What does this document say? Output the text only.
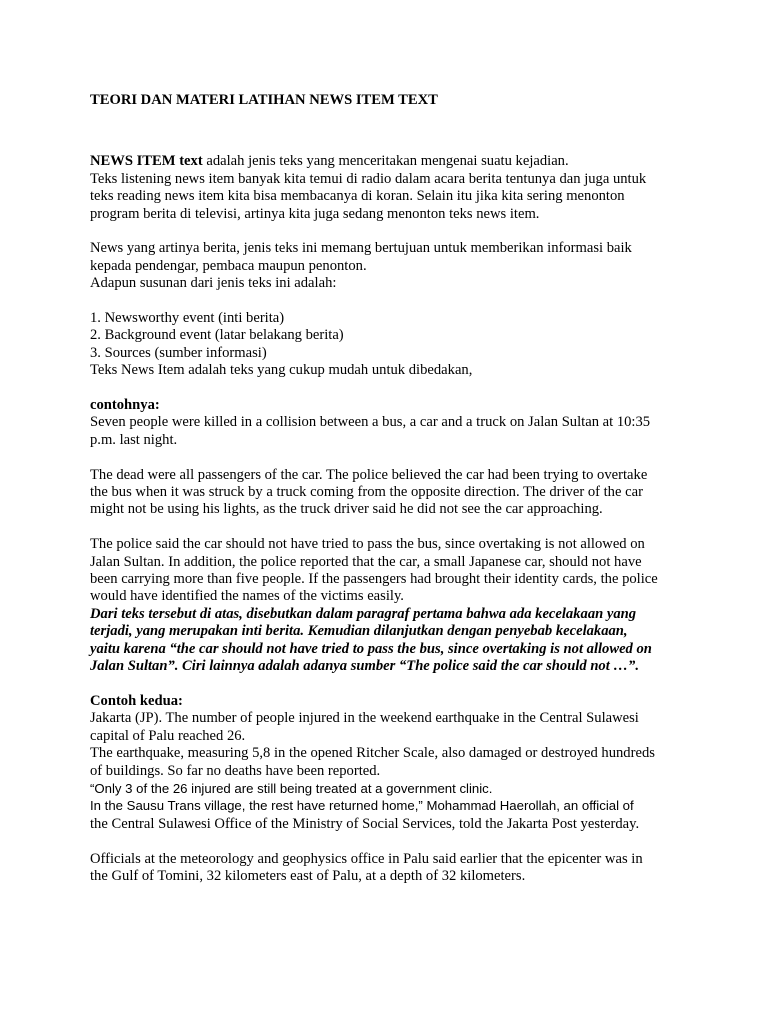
TEORI DAN MATERI LATIHAN NEWS ITEM TEXT
NEWS ITEM text adalah jenis teks yang menceritakan mengenai suatu kejadian.
Teks listening news item banyak kita temui di radio dalam acara berita tentunya dan juga untuk
teks reading news item kita bisa membacanya di koran. Selain itu jika kita sering menonton
program berita di televisi, artinya kita juga sedang menonton teks news item.
News yang artinya berita, jenis teks ini memang bertujuan untuk memberikan informasi baik
kepada pendengar, pembaca maupun penonton.
Adapun susunan dari jenis teks ini adalah:
1. Newsworthy event (inti berita)
2. Background event (latar belakang berita)
3. Sources (sumber informasi)
Teks News Item adalah teks yang cukup mudah untuk dibedakan,
contohnya:
Seven people were killed in a collision between a bus, a car and a truck on Jalan Sultan at 10:35
p.m. last night.
The dead were all passengers of the car. The police believed the car had been trying to overtake
the bus when it was struck by a truck coming from the opposite direction. The driver of the car
might not be using his lights, as the truck driver said he did not see the car approaching.
The police said the car should not have tried to pass the bus, since overtaking is not allowed on
Jalan Sultan. In addition, the police reported that the car, a small Japanese car, should not have
been carrying more than five people. If the passengers had brought their identity cards, the police
would have identified the names of the victims easily.
Dari teks tersebut di atas, disebutkan dalam paragraf pertama bahwa ada kecelakaan yang
terjadi, yang merupakan inti berita. Kemudian dilanjutkan dengan penyebab kecelakaan,
yaitu karena “the car should not have tried to pass the bus, since overtaking is not allowed on
Jalan Sultan”. Ciri lainnya adalah adanya sumber “The police said the car should not …”.
Contoh kedua:
Jakarta (JP). The number of people injured in the weekend earthquake in the Central Sulawesi
capital of Palu reached 26.
The earthquake, measuring 5,8 in the opened Ritcher Scale, also damaged or destroyed hundreds
of buildings. So far no deaths have been reported.
“Only 3 of the 26 injured are still being treated at a government clinic.
In the Sausu Trans village, the rest have returned home,” Mohammad Haerollah, an official of
the Central Sulawesi Office of the Ministry of Social Services, told the Jakarta Post yesterday.
Officials at the meteorology and geophysics office in Palu said earlier that the epicenter was in
the Gulf of Tomini, 32 kilometers east of Palu, at a depth of 32 kilometers.
